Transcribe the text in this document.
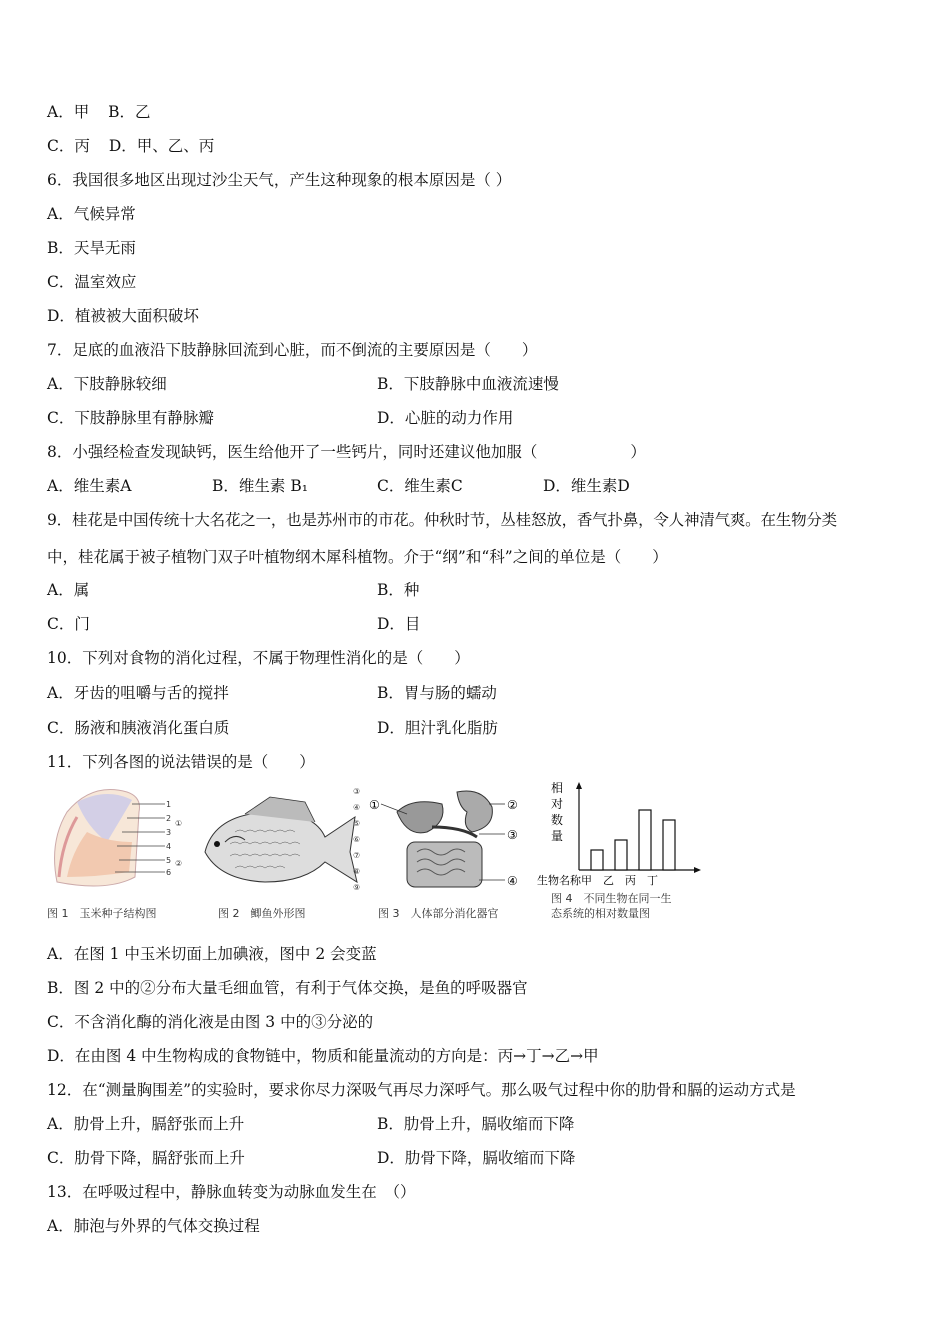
A．甲 B．乙
C．丙 D．甲、乙、丙
6．我国很多地区出现过沙尘天气，产生这种现象的根本原因是（ ）
A．气候异常
B．天旱无雨
C．温室效应
D．植被被大面积破坏
7．足底的血液沿下肢静脉回流到心脏，而不倒流的主要原因是（　　）
A．下肢静脉较细	B．下肢静脉中血液流速慢
C．下肢静脉里有静脉瓣	D．心脏的动力作用
8．小强经检查发现缺钙，医生给他开了一些钙片，同时还建议他加服（　　　　　　）
A．维生素A	B．维生素 B₁	C．维生素C	D．维生素D
9．桂花是中国传统十大名花之一，也是苏州市的市花。仲秋时节，丛桂怒放，香气扑鼻，令人神清气爽。在生物分类
中，桂花属于被子植物门双子叶植物纲木犀科植物。介于“纲”和“科”之间的单位是（　　）
A．属	B．种
C．门	D．目
10．下列对食物的消化过程，不属于物理性消化的是（　　）
A．牙齿的咀嚼与舌的搅拌	B．胃与肠的蠕动
C．肠液和胰液消化蛋白质	D．胆汁乳化脂肪
11．下列各图的说法错误的是（　　）
1
2
3
4
5
6
图 1　玉米种子结构图
①
②
③
④
⑤
⑥
⑦
⑧
⑨
图 2　鲫鱼外形图
①	②
③
④
图 3　人体部分消化器官
相
对
数
量
生物名称甲　乙　丙　丁
图 4　不同生物在同一生
态系统的相对数量图
A．在图 1 中玉米切面上加碘液，图中 2 会变蓝
B．图 2 中的②分布大量毛细血管，有利于气体交换，是鱼的呼吸器官
C．不含消化酶的消化液是由图 3 中的③分泌的
D．在由图 4 中生物构成的食物链中，物质和能量流动的方向是：丙→丁→乙→甲
12．在“测量胸围差”的实验时，要求你尽力深吸气再尽力深呼气。那么吸气过程中你的肋骨和膈的运动方式是
A．肋骨上升，膈舒张而上升	B．肋骨上升，膈收缩而下降
C．肋骨下降，膈舒张而上升	D．肋骨下降，膈收缩而下降
13．在呼吸过程中，静脉血转变为动脉血发生在　（）
A．肺泡与外界的气体交换过程
